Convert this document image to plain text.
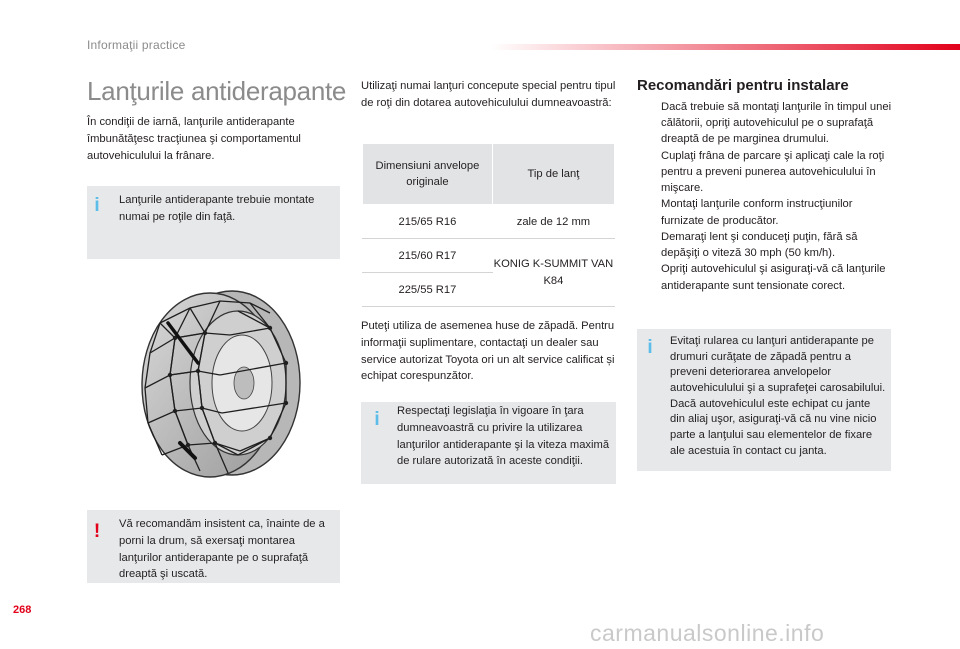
Informaţii practice
Lanţurile antiderapante
În condiţii de iarnă, lanţurile antiderapante îmbunătăţesc tracţiunea şi comportamentul autovehiculului la frânare.
i Lanţurile antiderapante trebuie montate numai pe roţile din faţă.
! Vă recomandăm insistent ca, înainte de a porni la drum, să exersaţi montarea lanţurilor antiderapante pe o suprafaţă dreaptă şi uscată.
Utilizaţi numai lanţuri concepute special pentru tipul de roţi din dotarea autovehiculului dumneavoastră:
Dimensiuni anvelope originale	Tip de lanţ
215/65 R16	zale de 12 mm
215/60 R17	KONIG K-SUMMIT VAN K84
225/55 R17	
Puteţi utiliza de asemenea huse de zăpadă. Pentru informaţii suplimentare, contactaţi un dealer sau service autorizat Toyota ori un alt service calificat și echipat corespunzător.
i Respectaţi legislaţia în vigoare în ţara dumneavoastră cu privire la utilizarea lanţurilor antiderapante şi la viteza maximă de rulare autorizată în aceste condiţii.
Recomandări pentru instalare
Dacă trebuie să montaţi lanţurile în timpul unei călătorii, opriţi autovehiculul pe o suprafaţă dreaptă de pe marginea drumului.
Cuplaţi frâna de parcare şi aplicaţi cale la roţi pentru a preveni punerea autovehiculului în mişcare.
Montaţi lanţurile conform instrucţiunilor furnizate de producător.
Demaraţi lent şi conduceţi puţin, fără să depăşiţi o viteză 30 mph (50 km/h).
Opriţi autovehiculul şi asiguraţi-vă că lanţurile antiderapante sunt tensionate corect.
i Evitaţi rularea cu lanţuri antiderapante pe drumuri curăţate de zăpadă pentru a preveni deteriorarea anvelopelor autovehiculului şi a suprafeţei carosabilului. Dacă autovehiculul este echipat cu jante din aliaj uşor, asiguraţi-vă că nu vine nicio parte a lanţului sau elementelor de fixare ale acestuia în contact cu janta.
268
carmanualsonline.info
